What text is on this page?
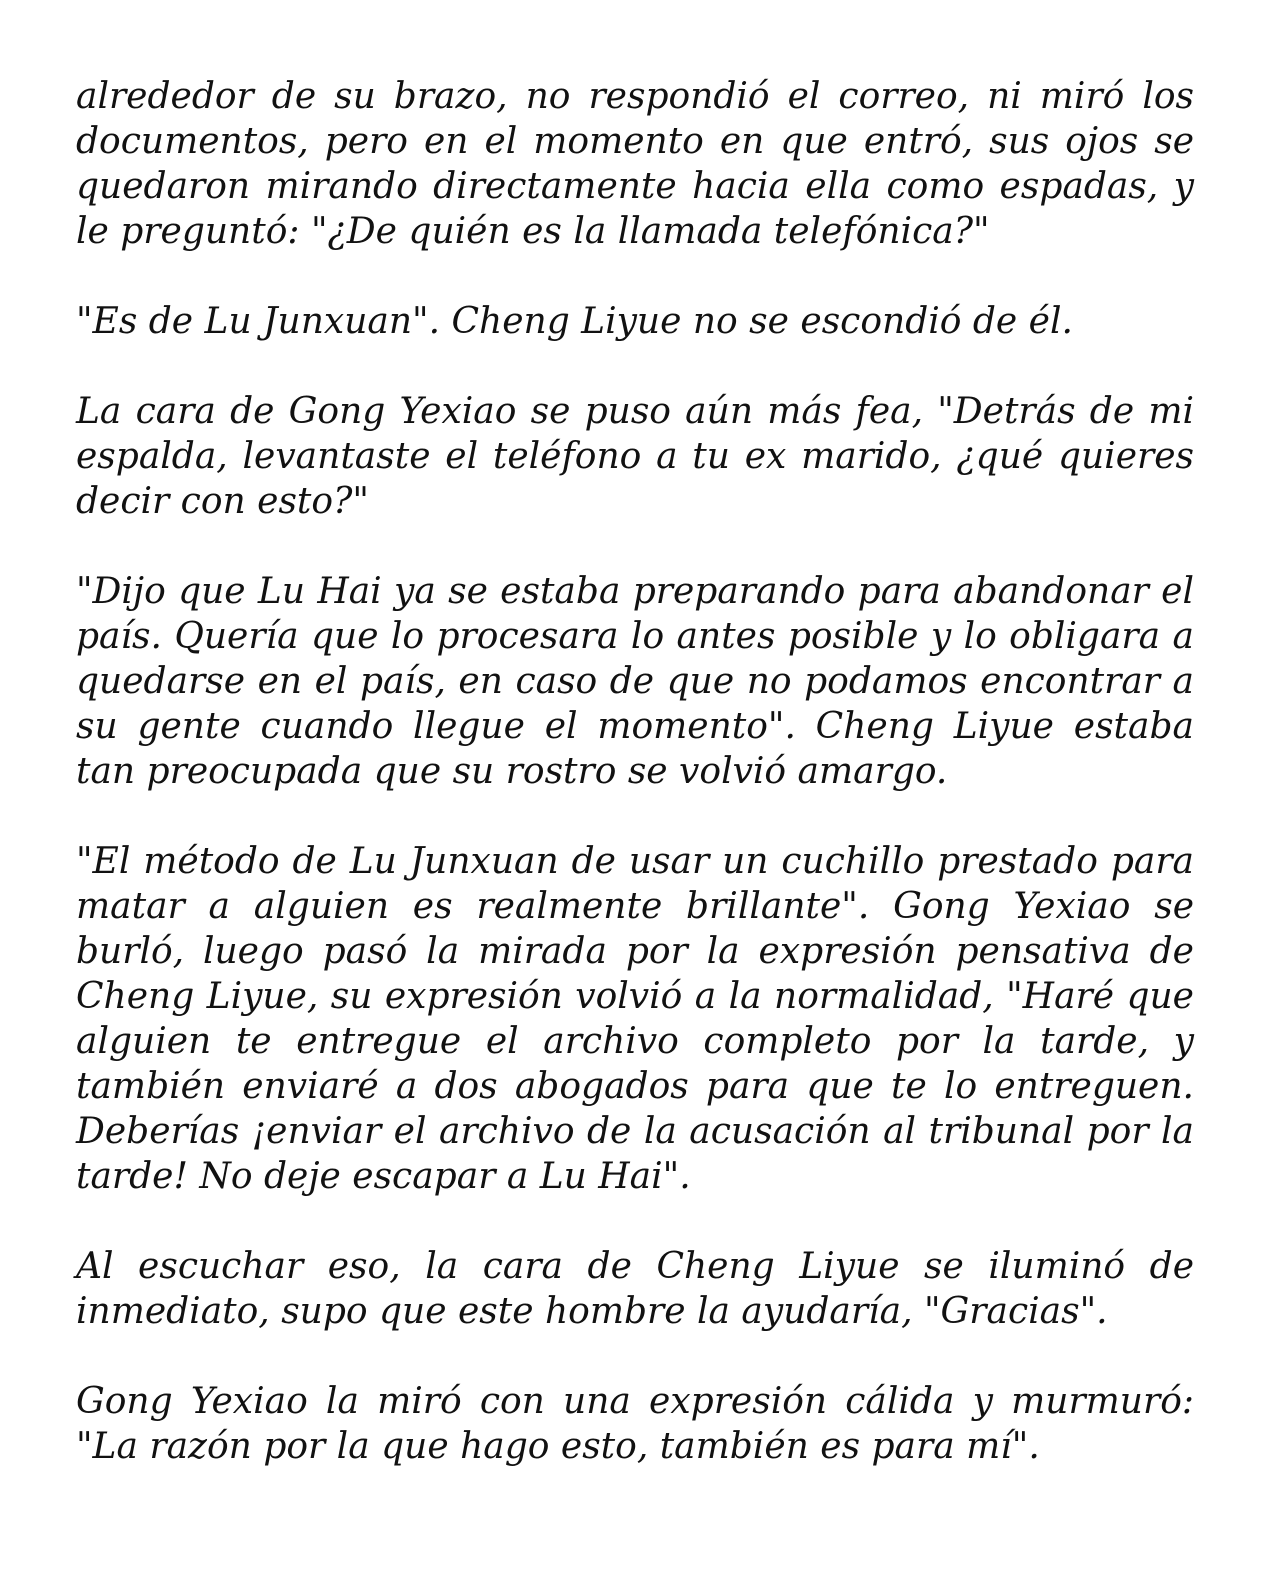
alrededor de su brazo, no respondió el correo, ni miró los documentos, pero en el momento en que entró, sus ojos se quedaron mirando directamente hacia ella como espadas, y le preguntó: "¿De quién es la llamada telefónica?"

"Es de Lu Junxuan". Cheng Liyue no se escondió de él.

La cara de Gong Yexiao se puso aún más fea, "Detrás de mi espalda, levantaste el teléfono a tu ex marido, ¿qué quieres decir con esto?"

"Dijo que Lu Hai ya se estaba preparando para abandonar el país. Quería que lo procesara lo antes posible y lo obligara a quedarse en el país, en caso de que no podamos encontrar a su gente cuando llegue el momento". Cheng Liyue estaba tan preocupada que su rostro se volvió amargo.

"El método de Lu Junxuan de usar un cuchillo prestado para matar a alguien es realmente brillante". Gong Yexiao se burló, luego pasó la mirada por la expresión pensativa de Cheng Liyue, su expresión volvió a la normalidad, "Haré que alguien te entregue el archivo completo por la tarde, y también enviaré a dos abogados para que te lo entreguen. Deberías ¡enviar el archivo de la acusación al tribunal por la tarde! No deje escapar a Lu Hai".

Al escuchar eso, la cara de Cheng Liyue se iluminó de inmediato, supo que este hombre la ayudaría, "Gracias".

Gong Yexiao la miró con una expresión cálida y murmuró: "La razón por la que hago esto, también es para mí".
